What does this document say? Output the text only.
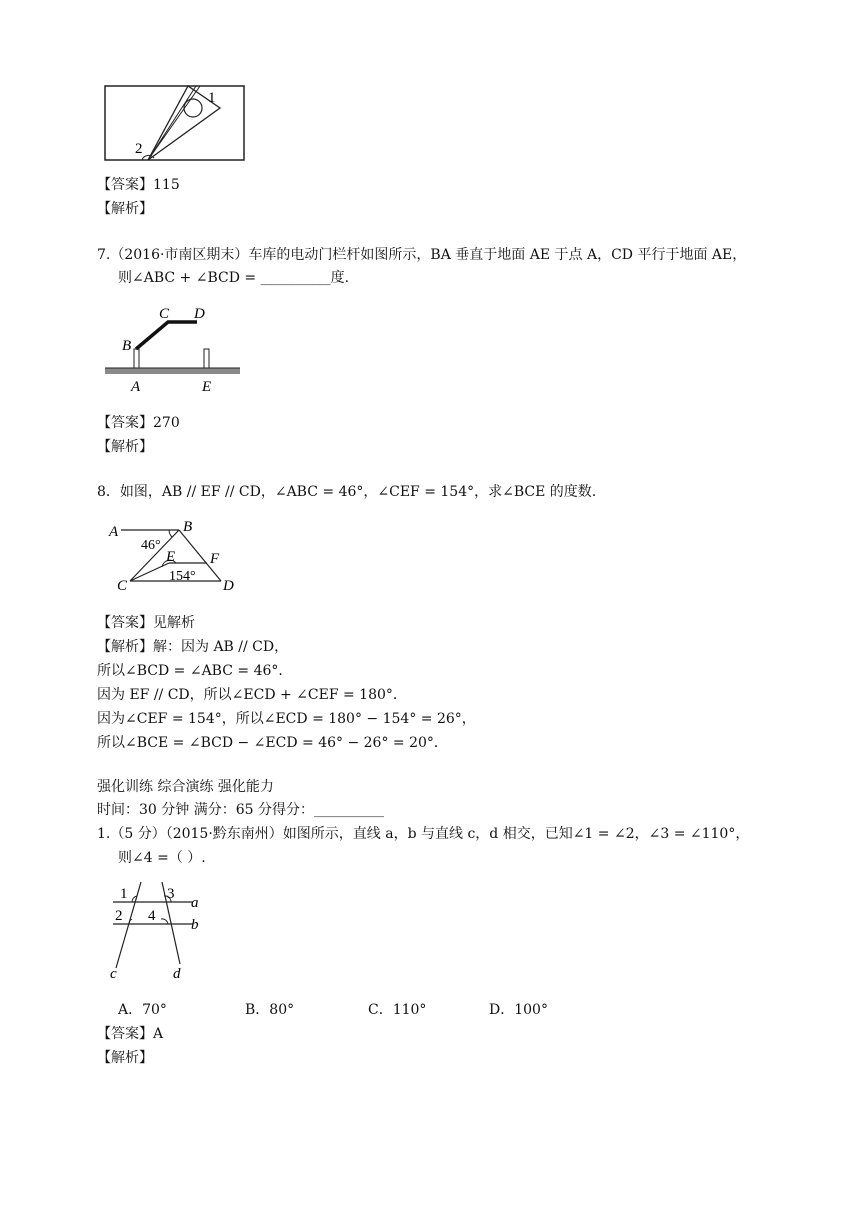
1
2
【答案】115
【解析】
7.（2016·市南区期末）车库的电动门栏杆如图所示，BA 垂直于地面 AE 于点 A，CD 平行于地面 AE，
则∠ABC + ∠BCD = __________度.
B
C D
A	E
【答案】270
【解析】
8．如图，AB // EF // CD，∠ABC = 46°，∠CEF = 154°，求∠BCE 的度数.
A	B
46°
E F
154°
C	D
【答案】见解析
【解析】解：因为 AB // CD，
所以∠BCD = ∠ABC = 46°．
因为 EF // CD，所以∠ECD + ∠CEF = 180°．
因为∠CEF = 154°，所以∠ECD = 180° − 154° = 26°，
所以∠BCE = ∠BCD − ∠ECD = 46° − 26° = 20°．
强化训练 综合演练 强化能力
时间：30 分钟 满分：65 分得分：__________
1.（5 分）（2015·黔东南州）如图所示，直线 a，b 与直线 c，d 相交，已知∠1 = ∠2，∠3 = ∠110°，
则∠4 =（ ）.
1	3
2 4
a
b
c	d
A．70°	B．80°	C．110°	D．100°
【答案】A
【解析】
